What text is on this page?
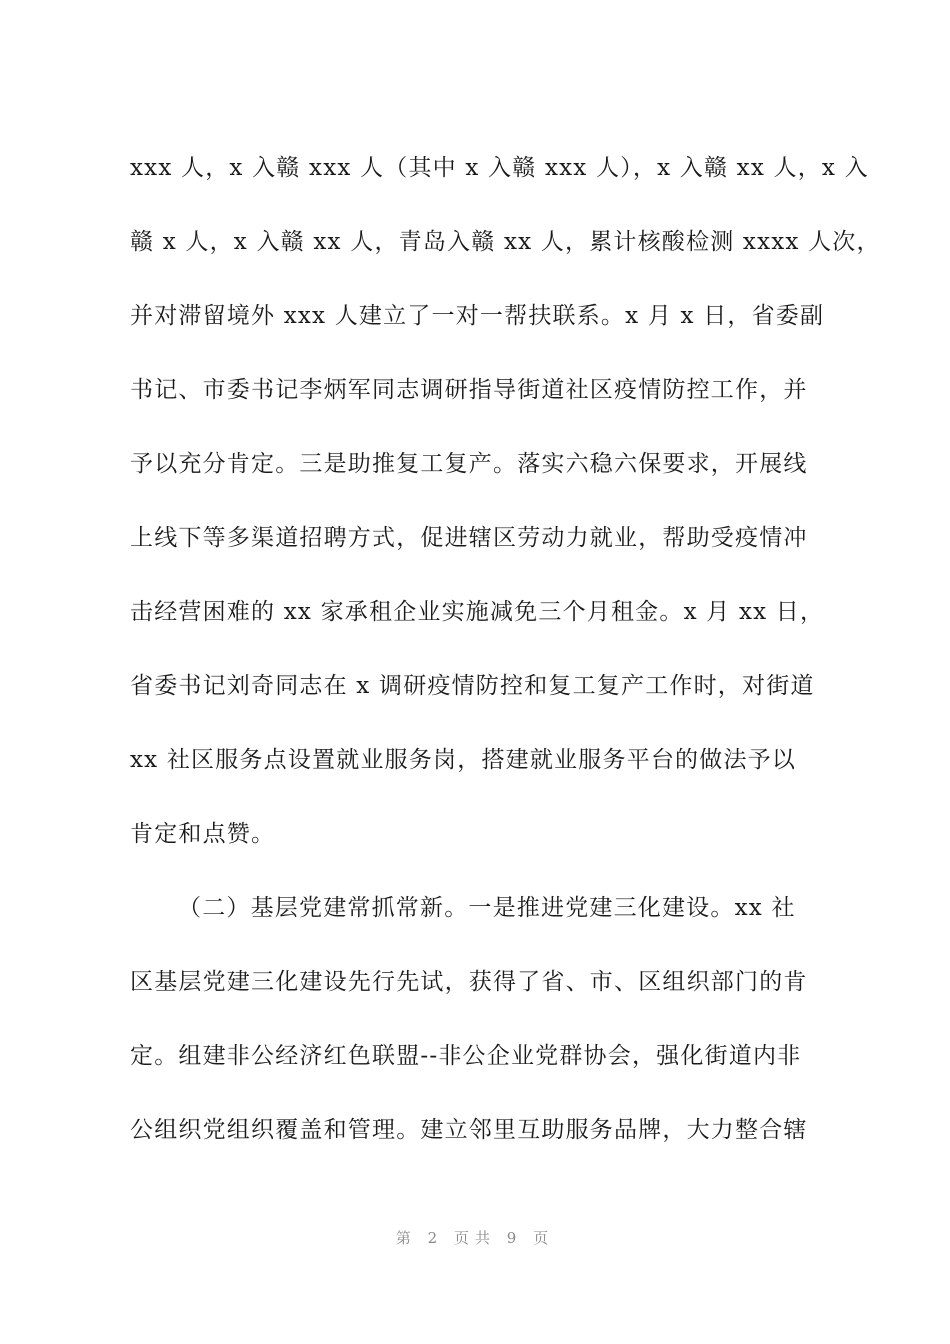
xxx 人，x 入赣 xxx 人（其中 x 入赣 xxx 人），x 入赣 xx 人，x 入
赣 x 人，x 入赣 xx 人，青岛入赣 xx 人，累计核酸检测 xxxx 人次，
并对滞留境外 xxx 人建立了一对一帮扶联系。x 月 x 日，省委副
书记、市委书记李炳军同志调研指导街道社区疫情防控工作，并
予以充分肯定。三是助推复工复产。落实六稳六保要求，开展线
上线下等多渠道招聘方式，促进辖区劳动力就业，帮助受疫情冲
击经营困难的 xx 家承租企业实施减免三个月租金。x 月 xx 日，
省委书记刘奇同志在 x 调研疫情防控和复工复产工作时，对街道
xx 社区服务点设置就业服务岗，搭建就业服务平台的做法予以
肯定和点赞。
（二）基层党建常抓常新。一是推进党建三化建设。xx 社
区基层党建三化建设先行先试，获得了省、市、区组织部门的肯
定。组建非公经济红色联盟--非公企业党群协会，强化街道内非
公组织党组织覆盖和管理。建立邻里互助服务品牌，大力整合辖
第 2 页共 9 页
